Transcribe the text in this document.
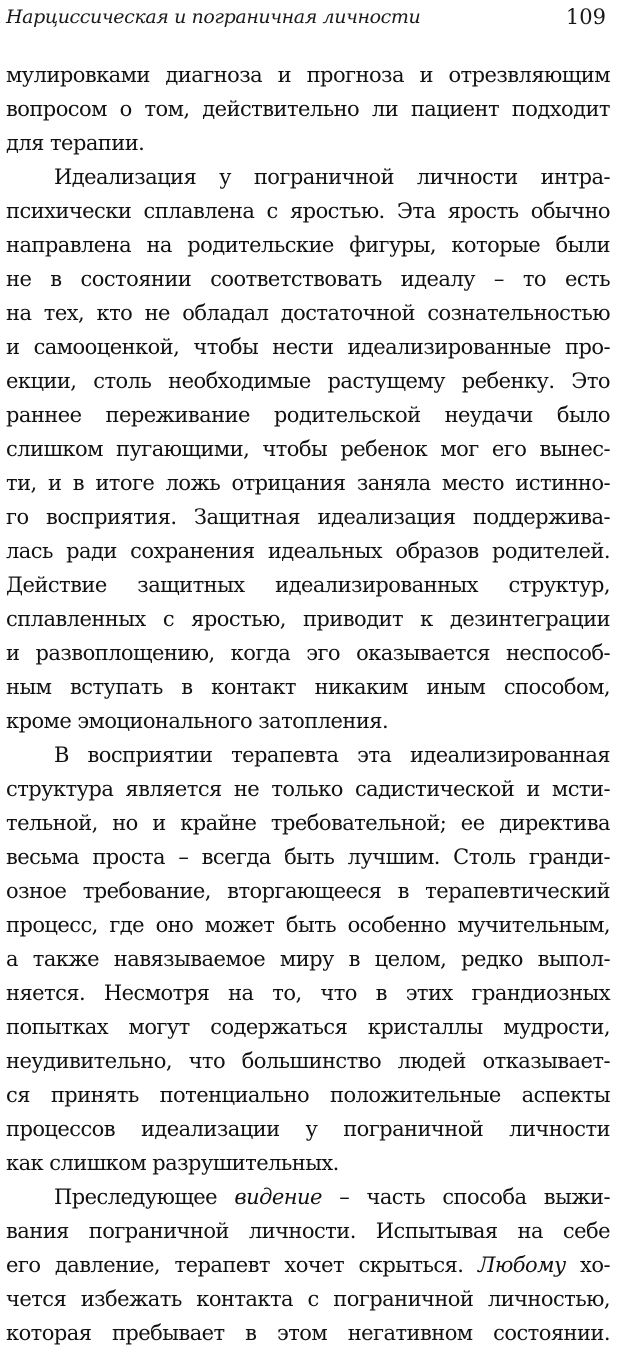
Нарциссическая и пограничная личности	109
мулировками диагноза и прогноза и отрезвляющим
вопросом о том, действительно ли пациент подходит
для терапии.
Идеализация у пограничной личности интра-
психически сплавлена с яростью. Эта ярость обычно
направлена на родительские фигуры, которые были
не в состоянии соответствовать идеалу – то есть
на тех, кто не обладал достаточной сознательностью
и самооценкой, чтобы нести идеализированные про-
екции, столь необходимые растущему ребенку. Это
раннее переживание родительской неудачи было
слишком пугающими, чтобы ребенок мог его вынес-
ти, и в итоге ложь отрицания заняла место истинно-
го восприятия. Защитная идеализация поддержива-
лась ради сохранения идеальных образов родителей.
Действие защитных идеализированных структур,
сплавленных с яростью, приводит к дезинтеграции
и развоплощению, когда эго оказывается неспособ-
ным вступать в контакт никаким иным способом,
кроме эмоционального затопления.
В восприятии терапевта эта идеализированная
структура является не только садистической и мсти-
тельной, но и крайне требовательной; ее директива
весьма проста – всегда быть лучшим. Столь гранди-
озное требование, вторгающееся в терапевтический
процесс, где оно может быть особенно мучительным,
а также навязываемое миру в целом, редко выпол-
няется. Несмотря на то, что в этих грандиозных
попытках могут содержаться кристаллы мудрости,
неудивительно, что большинство людей отказывает-
ся принять потенциально положительные аспекты
процессов идеализации у пограничной личности
как слишком разрушительных.
Преследующее видение – часть способа выжи-
вания пограничной личности. Испытывая на себе
его давление, терапевт хочет скрыться. Любому хо-
чется избежать контакта с пограничной личностью,
которая пребывает в этом негативном состоянии.
